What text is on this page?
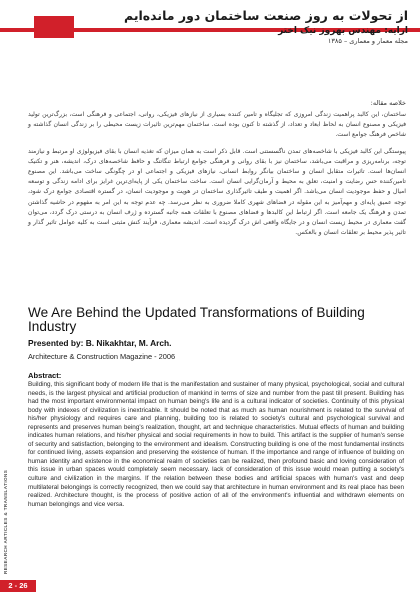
از تحولات به روز صنعت ساختمان دور مانده‌ایم
ارایه: مهندس بهروز نیک اختر
مجله معمار و معماری – ۱۳۸۵
خلاصه مقاله:

ساختمان، این کالبد پراهمیت زندگی امروزی که تجلیگاه و تامین کننده بسیاری از نیازهای فیزیکی، روانی، اجتماعی و فرهنگی است، بزرگ‌ترین تولید فیزیکی و مصنوع انسان به لحاظ ابعاد و تعداد، از گذشته تا کنون بوده است. ساختمان مهم‌ترین تاثیرات زیست محیطی را بر زندگی انسان گذاشته و شاخص فرهنگ جوامع است.

پیوستگی این کالبد فیزیکی با شاخصه‌های تمدن ناگسستنی است. قابل ذکر است به همان میزان که تغذیه انسان با بقای فیزیولوژی او مرتبط و نیازمند توجه، برنامه‌ریزی و مراقبت می‌باشد، ساختمان نیز با بقای روانی و فرهنگی جوامع ارتباط تنگاتنگ و حافظ شاخصه‌های درک، اندیشه، هنر و تکنیک انسان‌ها است. تاثیرات متقابل انسان و ساختمان بیانگر روابط انسانی، نیازهای فیزیکی و اجتماعی او در چگونگی ساخت می‌باشد. این مصنوع تامین‌کننده حس رضایت و امنیت، تعلق به محیط و آرمان‌گرایی انسان است. ساخت ساختمان یکی از پایه‌ای‌ترین غرایز برای ادامه زندگی و توسعه امیال و حفظ موجودیت انسان می‌باشد. اگر اهمیت و طیف تاثیرگذاری ساختمان در هویت و موجودیت انسان، در گستره اقتصادی جوامع درک شود، توجه عمیق پایه‌ای و مهم‌آمیز به این مقوله در فضاهای شهری کاملا ضروری به نظر می‌رسد. چه عدم توجه به این امر به مفهوم در حاشیه گذاشتن تمدن و فرهنگ یک جامعه است. اگر ارتباط این کالبدها و فضاهای مصنوع با تعلقات همه جانبه گسترده و ژرف انسان به درستی درک گردد، می‌توان گفت معماری در محیط زیست انسان و در جایگاه واقعی اش درک گردیده است. اندیشه معماری، فرآیند کنش مثبتی است به کلیه عوامل تاثیر گذار و تاثیر پذیر محیط بر تعلقات انسان و بالعکس.

We Are Behind the Updated Transformations of Building Industry
Presented by: B. Nikakhtar, M. Arch.
Architecture & Construction Magazine - 2006
Abstract:
Building, this significant body of modern life that is the manifestation and sustainer of many physical, psychological, social and cultural needs, is the largest physical and artificial production of mankind in terms of size and number from the past till present. Building has had the most important environmental impact on human being's life and is a cultural indicator of societies. Continuity of this physical body with indexes of civilization is inextricable. It should be noted that as much as human nourishment is related to the survival of his/her physiology and requires care and planning, building too is related to society's cultural and psychological survival and represents and preserves human being's realization, thought, art and technique characteristics. Mutual effects of human and building indicates human relations, and his/her physical and social requirements in how to build. This artifact is the supplier of human's sense of security and satisfaction, belonging to the environment and idealism. Constructing building is one of the most fundamental instincts for continued living, assets expansion and preserving the existence of human. If the importance and range of influence of building on human identity and existence in the economical realm of societies can be realized, then profound basic and loving consideration of this issue in urban spaces would completely seem necessary. lack of consideration of this issue would mean putting a society's culture and civilization in the margins. If the relation between these bodies and artificial spaces with human's vast and deep multilateral belongings is correctly recognized, then we could say that architecture in human environment and its real place has been realized. Architecture thought, is the process of positive action of all of the environment's influential and withdrawn elements on human belongings and vice versa.
RESEARCH ARTICLES & TRANSLATIONS
2 - 26
